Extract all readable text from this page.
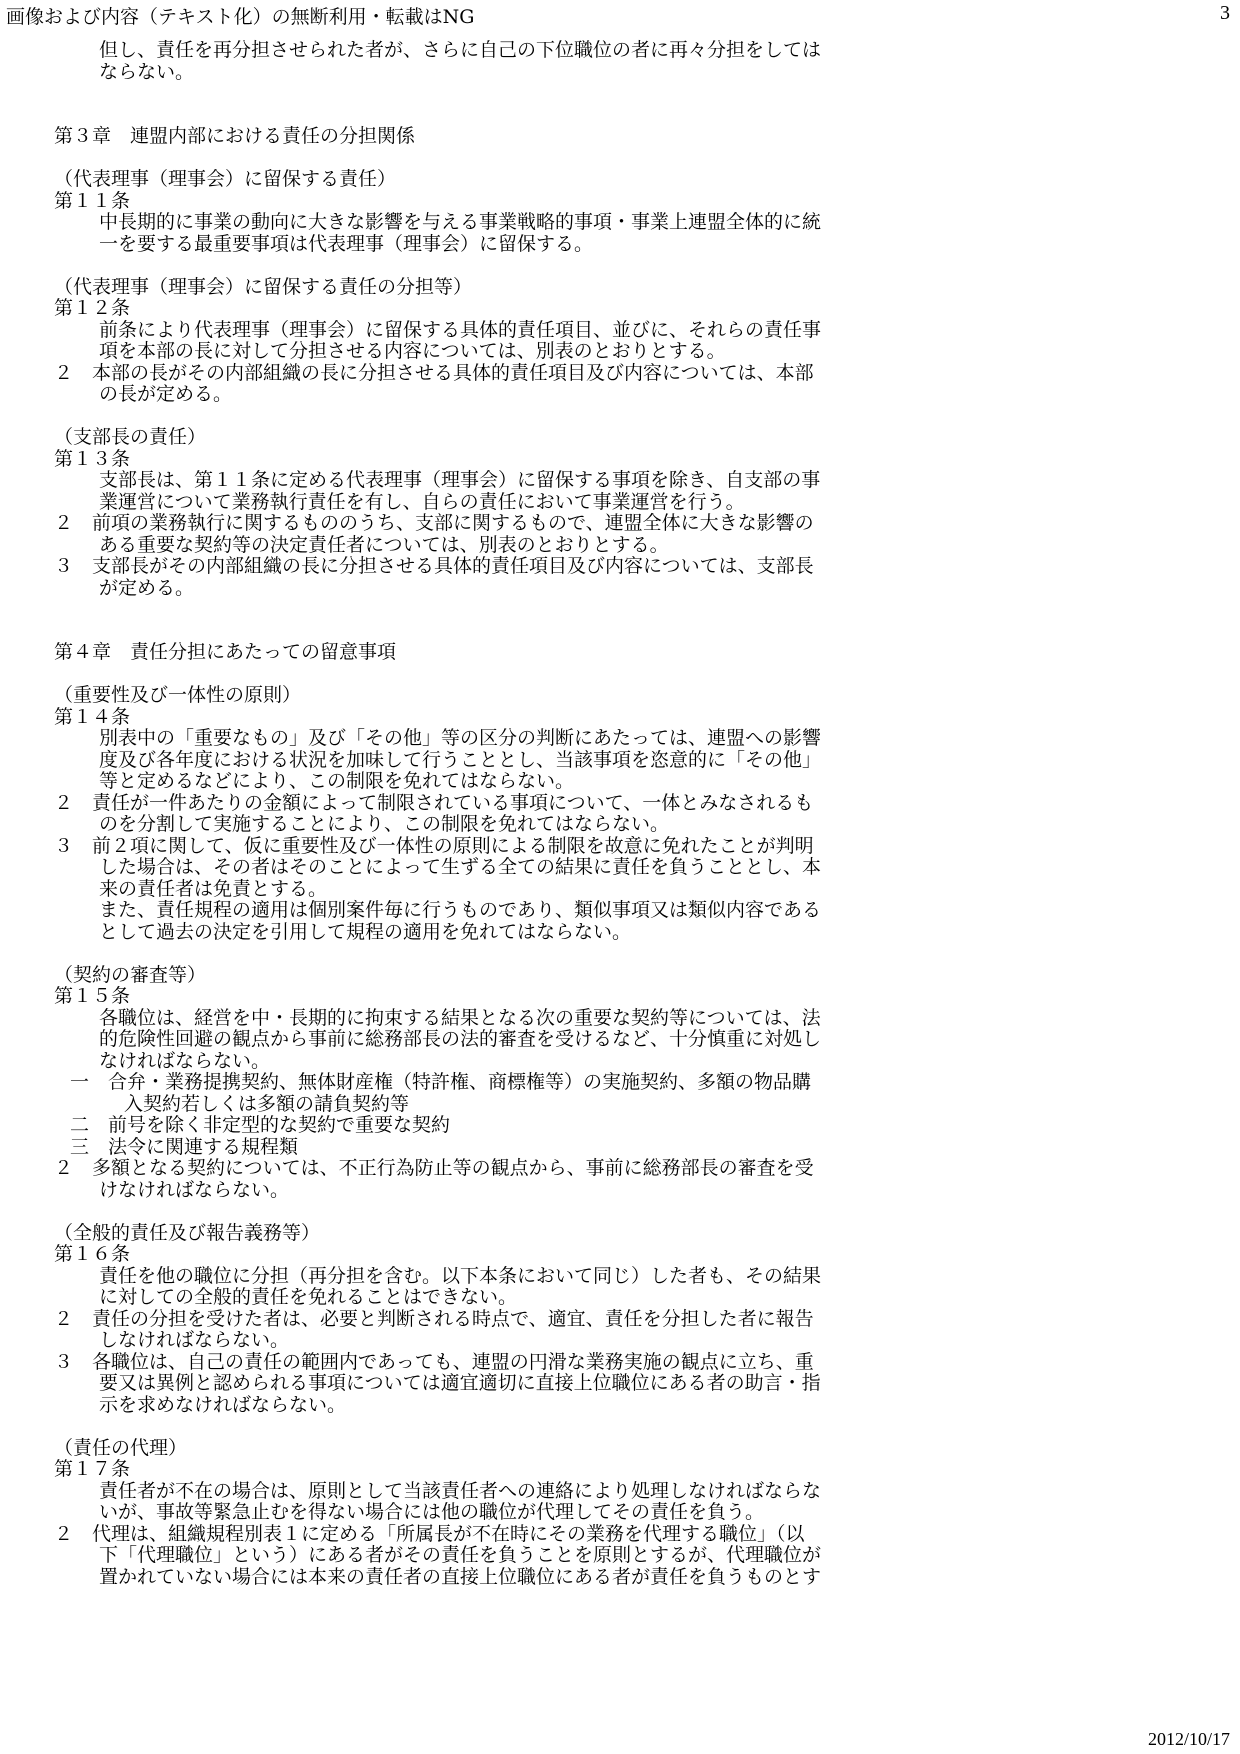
画像および内容（テキスト化）の無断利用・転載はNG	3
但し、責任を再分担させられた者が、さらに自己の下位職位の者に再々分担をしては
ならない。
第３章　連盟内部における責任の分担関係
（代表理事（理事会）に留保する責任）
第１１条
中長期的に事業の動向に大きな影響を与える事業戦略的事項・事業上連盟全体的に統
一を要する最重要事項は代表理事（理事会）に留保する。
（代表理事（理事会）に留保する責任の分担等）
第１２条
前条により代表理事（理事会）に留保する具体的責任項目、並びに、それらの責任事
項を本部の長に対して分担させる内容については、別表のとおりとする。
２　本部の長がその内部組織の長に分担させる具体的責任項目及び内容については、本部
の長が定める。
（支部長の責任）
第１３条
支部長は、第１１条に定める代表理事（理事会）に留保する事項を除き、自支部の事
業運営について業務執行責任を有し、自らの責任において事業運営を行う。
２　前項の業務執行に関するもののうち、支部に関するもので、連盟全体に大きな影響の
ある重要な契約等の決定責任者については、別表のとおりとする。
３　支部長がその内部組織の長に分担させる具体的責任項目及び内容については、支部長
が定める。
第４章　責任分担にあたっての留意事項
（重要性及び一体性の原則）
第１４条
別表中の「重要なもの」及び「その他」等の区分の判断にあたっては、連盟への影響
度及び各年度における状況を加味して行うこととし、当該事項を恣意的に「その他」
等と定めるなどにより、この制限を免れてはならない。
２　責任が一件あたりの金額によって制限されている事項について、一体とみなされるも
のを分割して実施することにより、この制限を免れてはならない。
３　前２項に関して、仮に重要性及び一体性の原則による制限を故意に免れたことが判明
した場合は、その者はそのことによって生ずる全ての結果に責任を負うこととし、本
来の責任者は免責とする。
また、責任規程の適用は個別案件毎に行うものであり、類似事項又は類似内容である
として過去の決定を引用して規程の適用を免れてはならない。
（契約の審査等）
第１５条
各職位は、経営を中・長期的に拘束する結果となる次の重要な契約等については、法
的危険性回避の観点から事前に総務部長の法的審査を受けるなど、十分慎重に対処し
なければならない。
一　合弁・業務提携契約、無体財産権（特許権、商標権等）の実施契約、多額の物品購
入契約若しくは多額の請負契約等
二　前号を除く非定型的な契約で重要な契約
三　法令に関連する規程類
２　多額となる契約については、不正行為防止等の観点から、事前に総務部長の審査を受
けなければならない。
（全般的責任及び報告義務等）
第１６条
責任を他の職位に分担（再分担を含む。以下本条において同じ）した者も、その結果
に対しての全般的責任を免れることはできない。
２　責任の分担を受けた者は、必要と判断される時点で、適宜、責任を分担した者に報告
しなければならない。
３　各職位は、自己の責任の範囲内であっても、連盟の円滑な業務実施の観点に立ち、重
要又は異例と認められる事項については適宜適切に直接上位職位にある者の助言・指
示を求めなければならない。
（責任の代理）
第１７条
責任者が不在の場合は、原則として当該責任者への連絡により処理しなければならな
いが、事故等緊急止むを得ない場合には他の職位が代理してその責任を負う。
２　代理は、組織規程別表１に定める「所属長が不在時にその業務を代理する職位」（以
下「代理職位」という）にある者がその責任を負うことを原則とするが、代理職位が
置かれていない場合には本来の責任者の直接上位職位にある者が責任を負うものとす
2012/10/17
